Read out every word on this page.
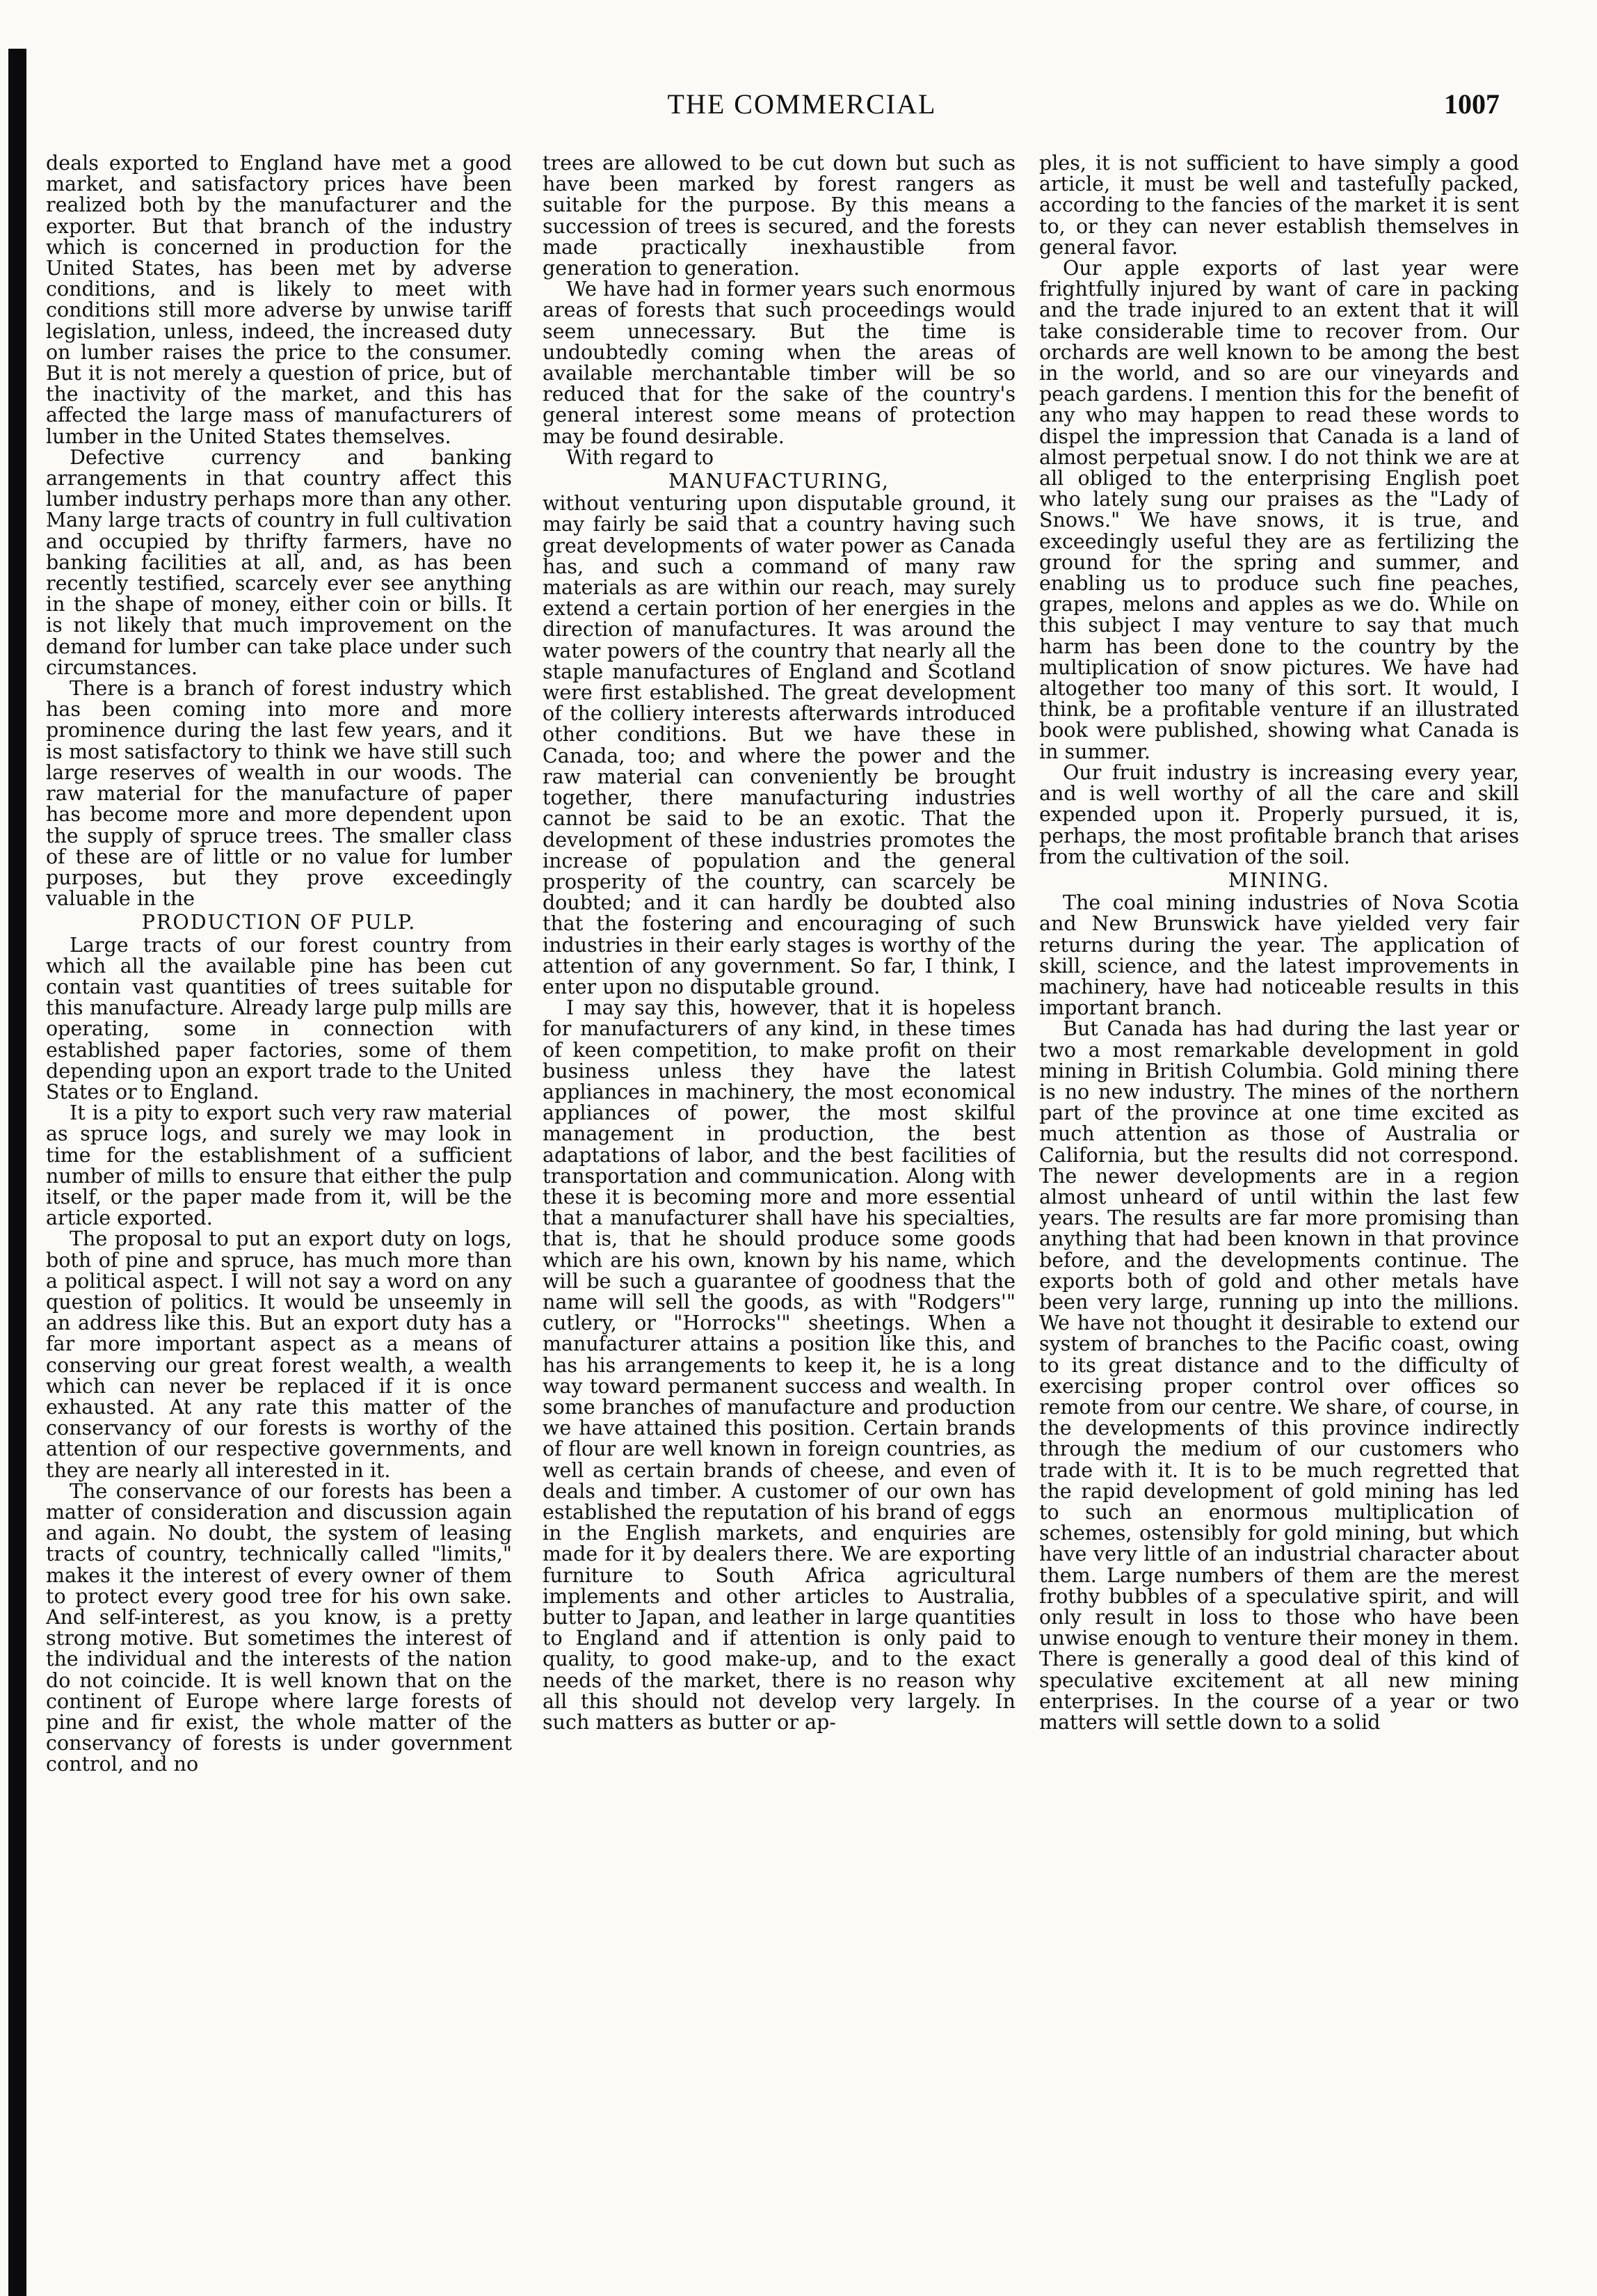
THE COMMERCIAL	1007

deals exported to England have met a good market, and satisfactory prices have been realized both by the manufacturer and the exporter. But that branch of the industry which is concerned in production for the United States, has been met by adverse conditions, and is likely to meet with conditions still more adverse by unwise tariff legislation, unless, indeed, the increased duty on lumber raises the price to the consumer. But it is not merely a question of price, but of the inactivity of the market, and this has affected the large mass of manufacturers of lumber in the United States themselves.

Defective currency and banking arrangements in that country affect this lumber industry perhaps more than any other. Many large tracts of country in full cultivation and occupied by thrifty farmers, have no banking facilities at all, and, as has been recently testified, scarcely ever see anything in the shape of money, either coin or bills. It is not likely that much improvement on the demand for lumber can take place under such circumstances.

There is a branch of forest industry which has been coming into more and more prominence during the last few years, and it is most satisfactory to think we have still such large reserves of wealth in our woods. The raw material for the manufacture of paper has become more and more dependent upon the supply of spruce trees. The smaller class of these are of little or no value for lumber purposes, but they prove exceedingly valuable in the

PRODUCTION OF PULP.

Large tracts of our forest country from which all the available pine has been cut contain vast quantities of trees suitable for this manufacture. Already large pulp mills are operating, some in connection with established paper factories, some of them depending upon an export trade to the United States or to England.

It is a pity to export such very raw material as spruce logs, and surely we may look in time for the establishment of a sufficient number of mills to ensure that either the pulp itself, or the paper made from it, will be the article exported.

The proposal to put an export duty on logs, both of pine and spruce, has much more than a political aspect. I will not say a word on any question of politics. It would be unseemly in an address like this. But an export duty has a far more important aspect as a means of conserving our great forest wealth, a wealth which can never be replaced if it is once exhausted. At any rate this matter of the conservancy of our forests is worthy of the attention of our respective governments, and they are nearly all interested in it.

The conservance of our forests has been a matter of consideration and discussion again and again. No doubt, the system of leasing tracts of country, technically called "limits," makes it the interest of every owner of them to protect every good tree for his own sake. And self-interest, as you know, is a pretty strong motive. But sometimes the interest of the individual and the interests of the nation do not coincide. It is well known that on the continent of Europe where large forests of pine and fir exist, the whole matter of the conservancy of forests is under government control, and no

trees are allowed to be cut down but such as have been marked by forest rangers as suitable for the purpose. By this means a succession of trees is secured, and the forests made practically inexhaustible from generation to generation.

We have had in former years such enormous areas of forests that such proceedings would seem unnecessary. But the time is undoubtedly coming when the areas of available merchantable timber will be so reduced that for the sake of the country's general interest some means of protection may be found desirable.

With regard to

MANUFACTURING,

without venturing upon disputable ground, it may fairly be said that a country having such great developments of water power as Canada has, and such a command of many raw materials as are within our reach, may surely extend a certain portion of her energies in the direction of manufactures. It was around the water powers of the country that nearly all the staple manufactures of England and Scotland were first established. The great development of the colliery interests afterwards introduced other conditions. But we have these in Canada, too; and where the power and the raw material can conveniently be brought together, there manufacturing industries cannot be said to be an exotic. That the development of these industries promotes the increase of population and the general prosperity of the country, can scarcely be doubted; and it can hardly be doubted also that the fostering and encouraging of such industries in their early stages is worthy of the attention of any government. So far, I think, I enter upon no disputable ground.

I may say this, however, that it is hopeless for manufacturers of any kind, in these times of keen competition, to make profit on their business unless they have the latest appliances in machinery, the most economical appliances of power, the most skilful management in production, the best adaptations of labor, and the best facilities of transportation and communication. Along with these it is becoming more and more essential that a manufacturer shall have his specialties, that is, that he should produce some goods which are his own, known by his name, which will be such a guarantee of goodness that the name will sell the goods, as with "Rodgers'" cutlery, or "Horrocks'" sheetings. When a manufacturer attains a position like this, and has his arrangements to keep it, he is a long way toward permanent success and wealth. In some branches of manufacture and production we have attained this position. Certain brands of flour are well known in foreign countries, as well as certain brands of cheese, and even of deals and timber. A customer of our own has established the reputation of his brand of eggs in the English markets, and enquiries are made for it by dealers there. We are exporting furniture to South Africa agricultural implements and other articles to Australia, butter to Japan, and leather in large quantities to England and if attention is only paid to quality, to good make-up, and to the exact needs of the market, there is no reason why all this should not develop very largely. In such matters as butter or ap-

ples, it is not sufficient to have simply a good article, it must be well and tastefully packed, according to the fancies of the market it is sent to, or they can never establish themselves in general favor.

Our apple exports of last year were frightfully injured by want of care in packing and the trade injured to an extent that it will take considerable time to recover from. Our orchards are well known to be among the best in the world, and so are our vineyards and peach gardens. I mention this for the benefit of any who may happen to read these words to dispel the impression that Canada is a land of almost perpetual snow. I do not think we are at all obliged to the enterprising English poet who lately sung our praises as the "Lady of Snows." We have snows, it is true, and exceedingly useful they are as fertilizing the ground for the spring and summer, and enabling us to produce such fine peaches, grapes, melons and apples as we do. While on this subject I may venture to say that much harm has been done to the country by the multiplication of snow pictures. We have had altogether too many of this sort. It would, I think, be a profitable venture if an illustrated book were published, showing what Canada is in summer.

Our fruit industry is increasing every year, and is well worthy of all the care and skill expended upon it. Properly pursued, it is, perhaps, the most profitable branch that arises from the cultivation of the soil.

MINING.

The coal mining industries of Nova Scotia and New Brunswick have yielded very fair returns during the year. The application of skill, science, and the latest improvements in machinery, have had noticeable results in this important branch.

But Canada has had during the last year or two a most remarkable development in gold mining in British Columbia. Gold mining there is no new industry. The mines of the northern part of the province at one time excited as much attention as those of Australia or California, but the results did not correspond. The newer developments are in a region almost unheard of until within the last few years. The results are far more promising than anything that had been known in that province before, and the developments continue. The exports both of gold and other metals have been very large, running up into the millions. We have not thought it desirable to extend our system of branches to the Pacific coast, owing to its great distance and to the difficulty of exercising proper control over offices so remote from our centre. We share, of course, in the developments of this province indirectly through the medium of our customers who trade with it. It is to be much regretted that the rapid development of gold mining has led to such an enormous multiplication of schemes, ostensibly for gold mining, but which have very little of an industrial character about them. Large numbers of them are the merest frothy bubbles of a speculative spirit, and will only result in loss to those who have been unwise enough to venture their money in them. There is generally a good deal of this kind of speculative excitement at all new mining enterprises. In the course of a year or two matters will settle down to a solid
